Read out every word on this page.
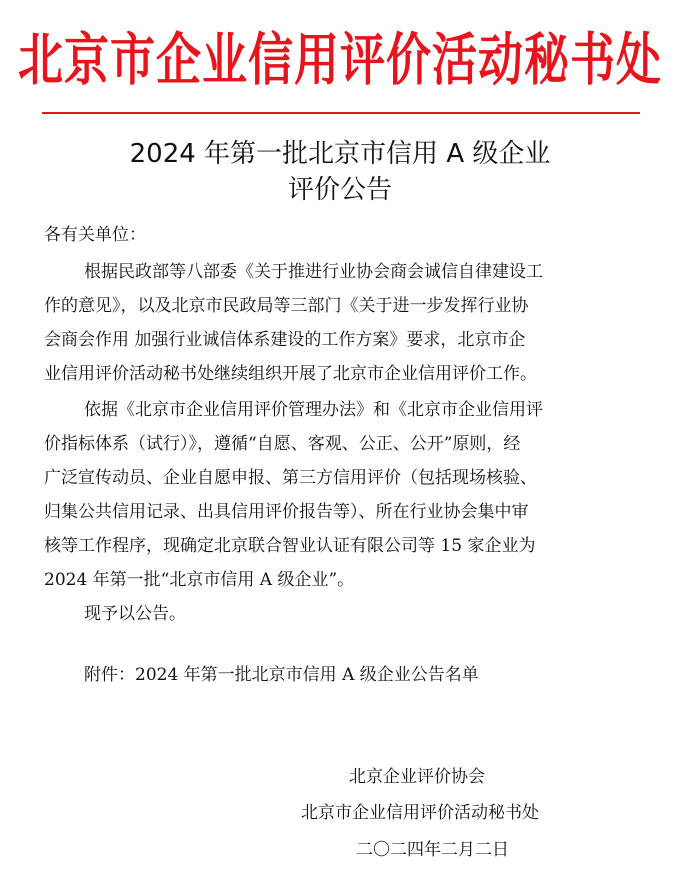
北京市企业信用评价活动秘书处
2024 年第一批北京市信用 A 级企业
评价公告
各有关单位：
根据民政部等八部委《关于推进行业协会商会诚信自律建设工
作的意见》，以及北京市民政局等三部门《关于进一步发挥行业协
会商会作用 加强行业诚信体系建设的工作方案》要求，北京市企
业信用评价活动秘书处继续组织开展了北京市企业信用评价工作。
依据《北京市企业信用评价管理办法》和《北京市企业信用评
价指标体系（试行）》，遵循“自愿、客观、公正、公开”原则，经
广泛宣传动员、企业自愿申报、第三方信用评价（包括现场核验、
归集公共信用记录、出具信用评价报告等）、所在行业协会集中审
核等工作程序，现确定北京联合智业认证有限公司等 15 家企业为
2024 年第一批“北京市信用 A 级企业”。
现予以公告。
附件：2024 年第一批北京市信用 A 级企业公告名单
北京企业评价协会
北京市企业信用评价活动秘书处
二〇二四年二月二日
